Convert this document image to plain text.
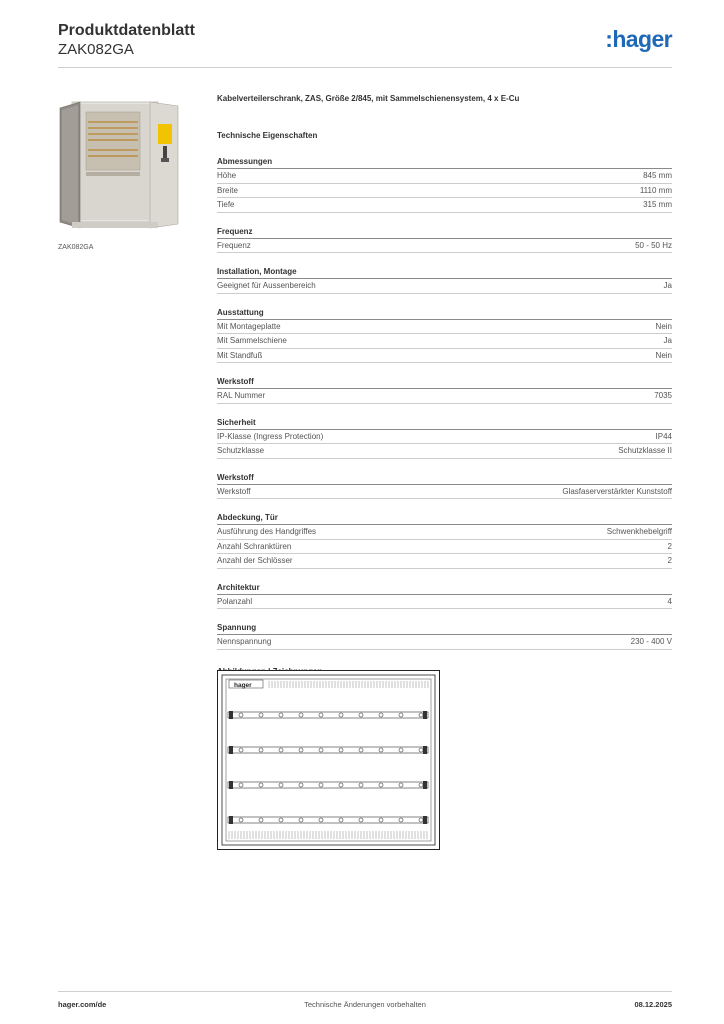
Produktdatenblatt
ZAK082GA	:hager
ZAK082GA
Kabelverteilerschrank, ZAS, Größe 2/845, mit Sammelschienensystem, 4 x E-Cu
Technische Eigenschaften
Abmessungen
Höhe	845 mm
Breite	1110 mm
Tiefe	315 mm
Frequenz
Frequenz	50 - 50 Hz
Installation, Montage
Geeignet für Aussenbereich	Ja
Ausstattung
Mit Montageplatte	Nein
Mit Sammelschiene	Ja
Mit Standfuß	Nein
Werkstoff
RAL Nummer	7035
Sicherheit
IP-Klasse (Ingress Protection)	IP44
Schutzklasse	Schutzklasse II
Werkstoff
Werkstoff	Glasfaserverstärkter Kunststoff
Abdeckung, Tür
Ausführung des Handgriffes	Schwenkhebelgriff
Anzahl Schranktüren	2
Anzahl der Schlösser	2
Architektur
Polanzahl	4
Spannung
Nennspannung	230 - 400 V
hager
hager.com/de	Technische Änderungen vorbehalten	08.12.2025
